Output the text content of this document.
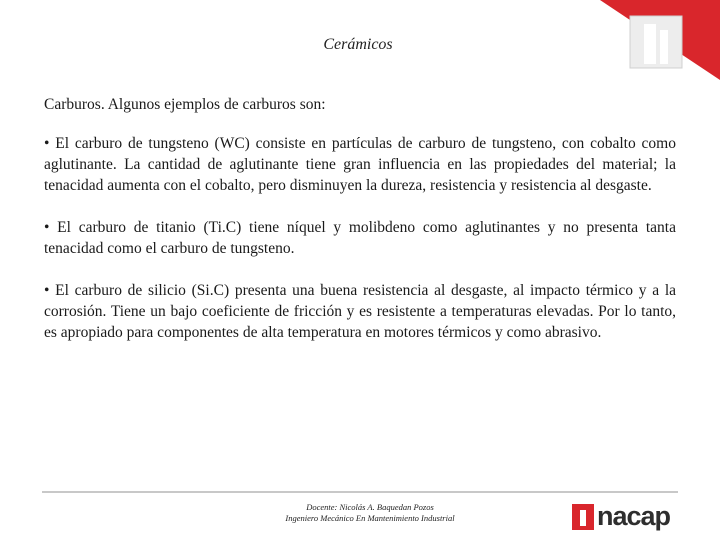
Cerámicos

Carburos. Algunos ejemplos de carburos son:

• El carburo de tungsteno (WC) consiste en partículas de carburo de tungsteno, con cobalto como aglutinante. La cantidad de aglutinante tiene gran influencia en las propiedades del material; la tenacidad aumenta con el cobalto, pero disminuyen la dureza, resistencia y resistencia al desgaste.

• El carburo de titanio (Ti.C) tiene níquel y molibdeno como aglutinantes y no presenta tanta tenacidad como el carburo de tungsteno.

• El carburo de silicio (Si.C) presenta una buena resistencia al desgaste, al impacto térmico y a la corrosión. Tiene un bajo coeficiente de fricción y es resistente a temperaturas elevadas. Por lo tanto, es apropiado para componentes de alta temperatura en motores térmicos y como abrasivo.

Docente: Nicolás A. Baquedan Pozos
Ingeniero Mecánico En Mantenimiento Industrial	nacap
